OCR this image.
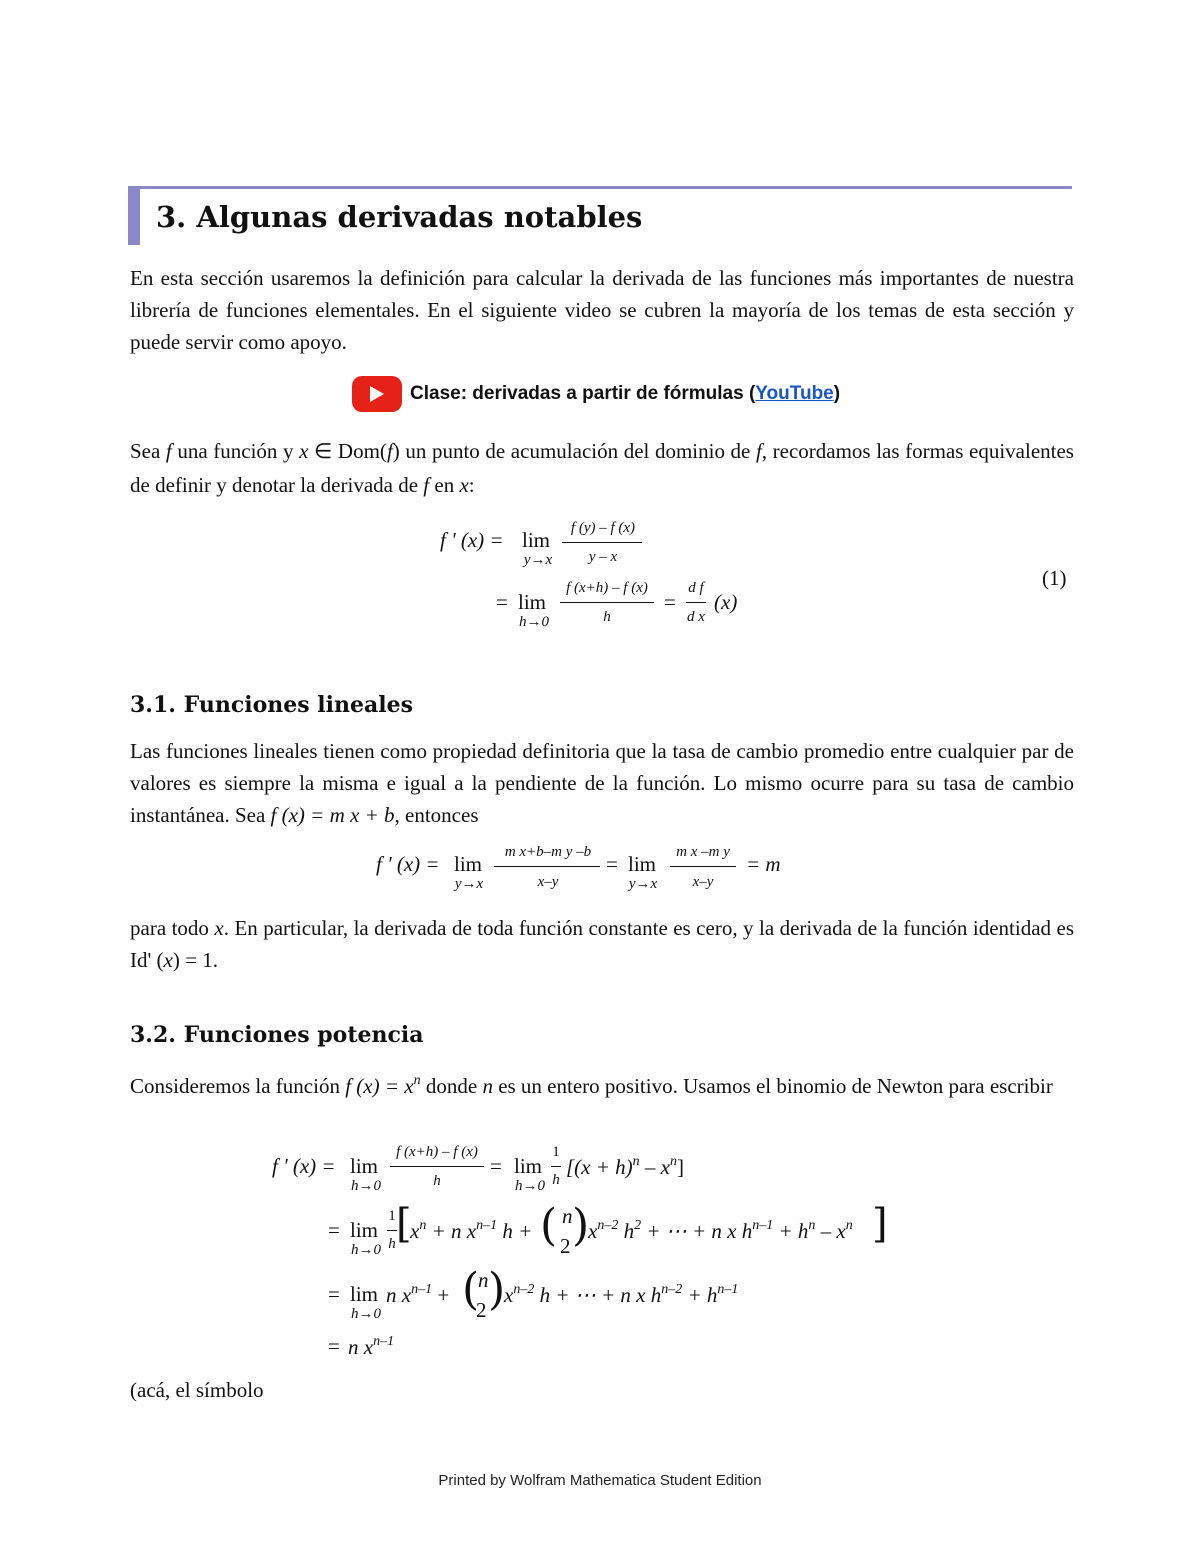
3. Algunas derivadas notables

En esta sección usaremos la definición para calcular la derivada de las funciones más importantes de nuestra librería de funciones elementales. En el siguiente video se cubren la mayoría de los temas de esta sección y puede servir como apoyo.

Clase: derivadas a partir de fórmulas (YouTube)

Sea f una función y x ∈ Dom(f) un punto de acumulación del dominio de f, recordamos las formas equivalentes de definir y denotar la derivada de f en x:

f ' (x) = lim
y→x
f (y) – f (x)
y – x
= lim
h→0
f (x+h) – f (x)
h
=
d f
d x
(x)
(1)
3.1. Funciones lineales

Las funciones lineales tienen como propiedad definitoria que la tasa de cambio promedio entre cualquier par de valores es siempre la misma e igual a la pendiente de la función. Lo mismo ocurre para su tasa de cambio instantánea. Sea f (x) = m x + b, entonces

f ' (x) = lim
y→x
m x+b–m y –b
x–y
= lim
y→x
m x –m y
x–y
= m

para todo x. En particular, la derivada de toda función constante es cero, y la derivada de la función identidad es Id' (x) = 1.

3.2. Funciones potencia

Consideremos la función f $(x) = x^n$ donde n es un entero positivo. Usamos el binomio de Newton para escribir

f ' (x) = lim
h→0
f (x+h) – f (x)
h
= lim
h→0
1
h
$[(x + h)^n - x^n]$
= lim
h→0
1
h [
$x^n + n$ $x^{n-1}$ h + ( n
2 )
$x^{n-2}$ $h^2$ + ⋯ + n x $h^{n-1} + h^n - x^n$ ]
= lim
h→0
n $x^{n-1}$ + (
n
2 )
$x^{n-2}$ h + ⋯ + n x $h^{n-2} + h^{n-1}$
= n $x^{n-1}$

(acá, el símbolo

Printed by Wolfram Mathematica Student Edition
